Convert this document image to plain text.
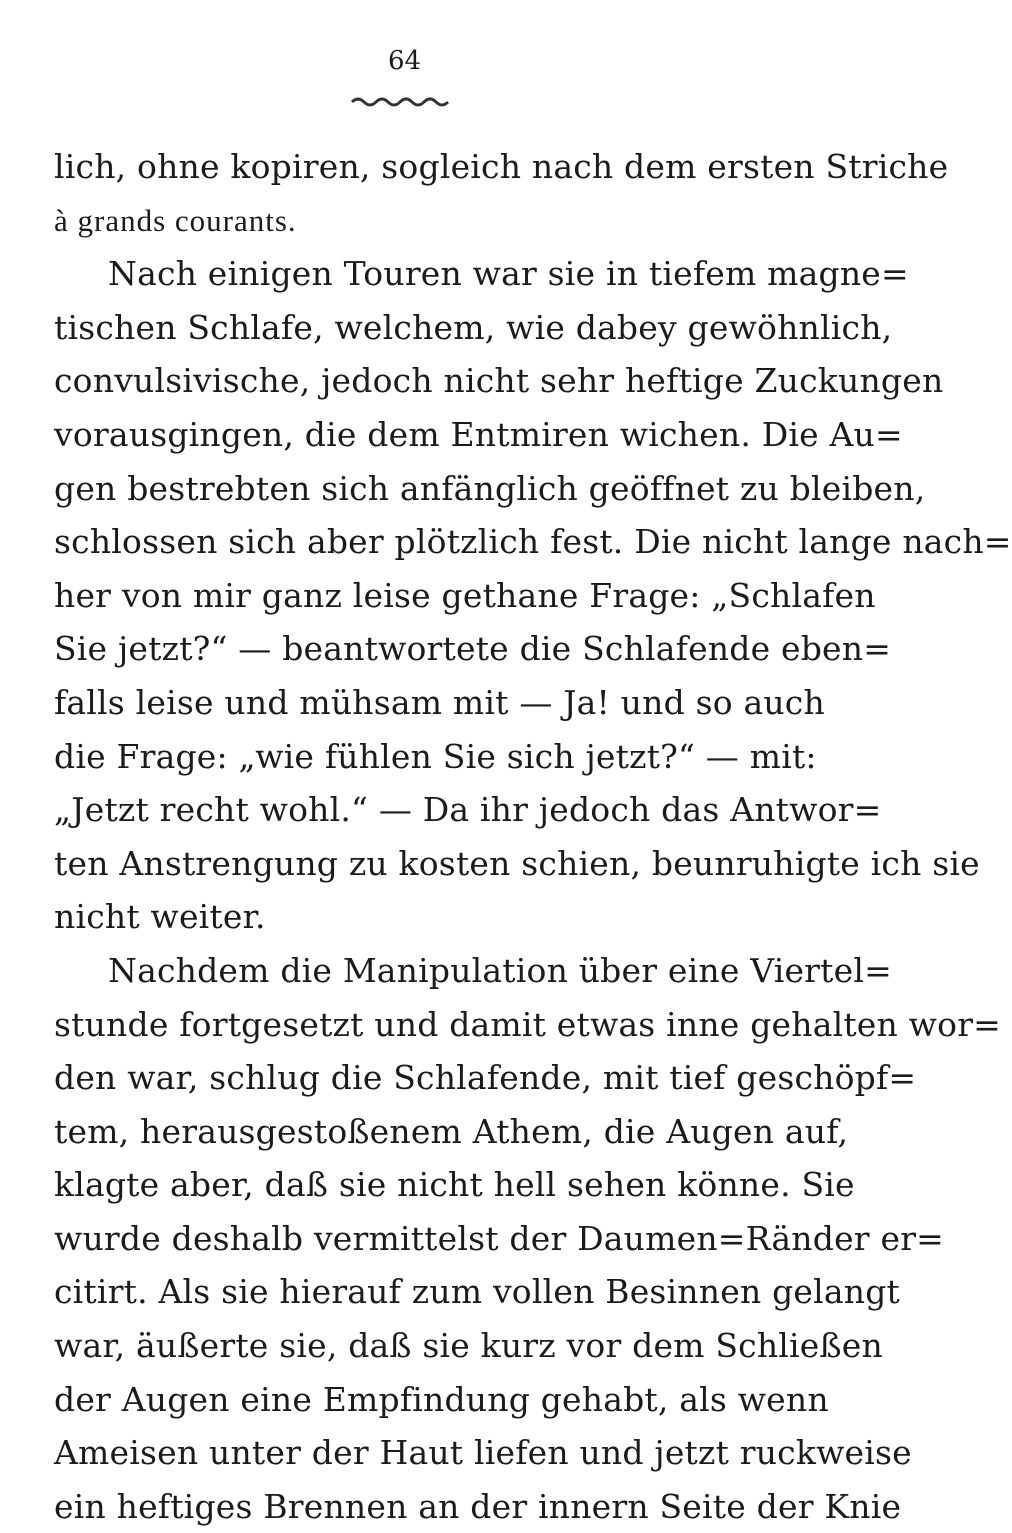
64
lich, ohne kopiren, sogleich nach dem ersten Striche
à grands courants.
Nach einigen Touren war sie in tiefem magne=
tischen Schlafe, welchem, wie dabey gewöhnlich,
convulsivische, jedoch nicht sehr heftige Zuckungen
vorausgingen, die dem Entmiren wichen. Die Au=
gen bestrebten sich anfänglich geöffnet zu bleiben,
schlossen sich aber plötzlich fest. Die nicht lange nach=
her von mir ganz leise gethane Frage: „Schlafen
Sie jetzt?“ — beantwortete die Schlafende eben=
falls leise und mühsam mit — Ja! und so auch
die Frage: „wie fühlen Sie sich jetzt?“ — mit:
„Jetzt recht wohl.“ — Da ihr jedoch das Antwor=
ten Anstrengung zu kosten schien, beunruhigte ich sie
nicht weiter.
Nachdem die Manipulation über eine Viertel=
stunde fortgesetzt und damit etwas inne gehalten wor=
den war, schlug die Schlafende, mit tief geschöpf=
tem, herausgestoßenem Athem, die Augen auf,
klagte aber, daß sie nicht hell sehen könne. Sie
wurde deshalb vermittelst der Daumen=Ränder er=
citirt. Als sie hierauf zum vollen Besinnen gelangt
war, äußerte sie, daß sie kurz vor dem Schließen
der Augen eine Empfindung gehabt, als wenn
Ameisen unter der Haut liefen und jetzt ruckweise
ein heftiges Brennen an der innern Seite der Knie
